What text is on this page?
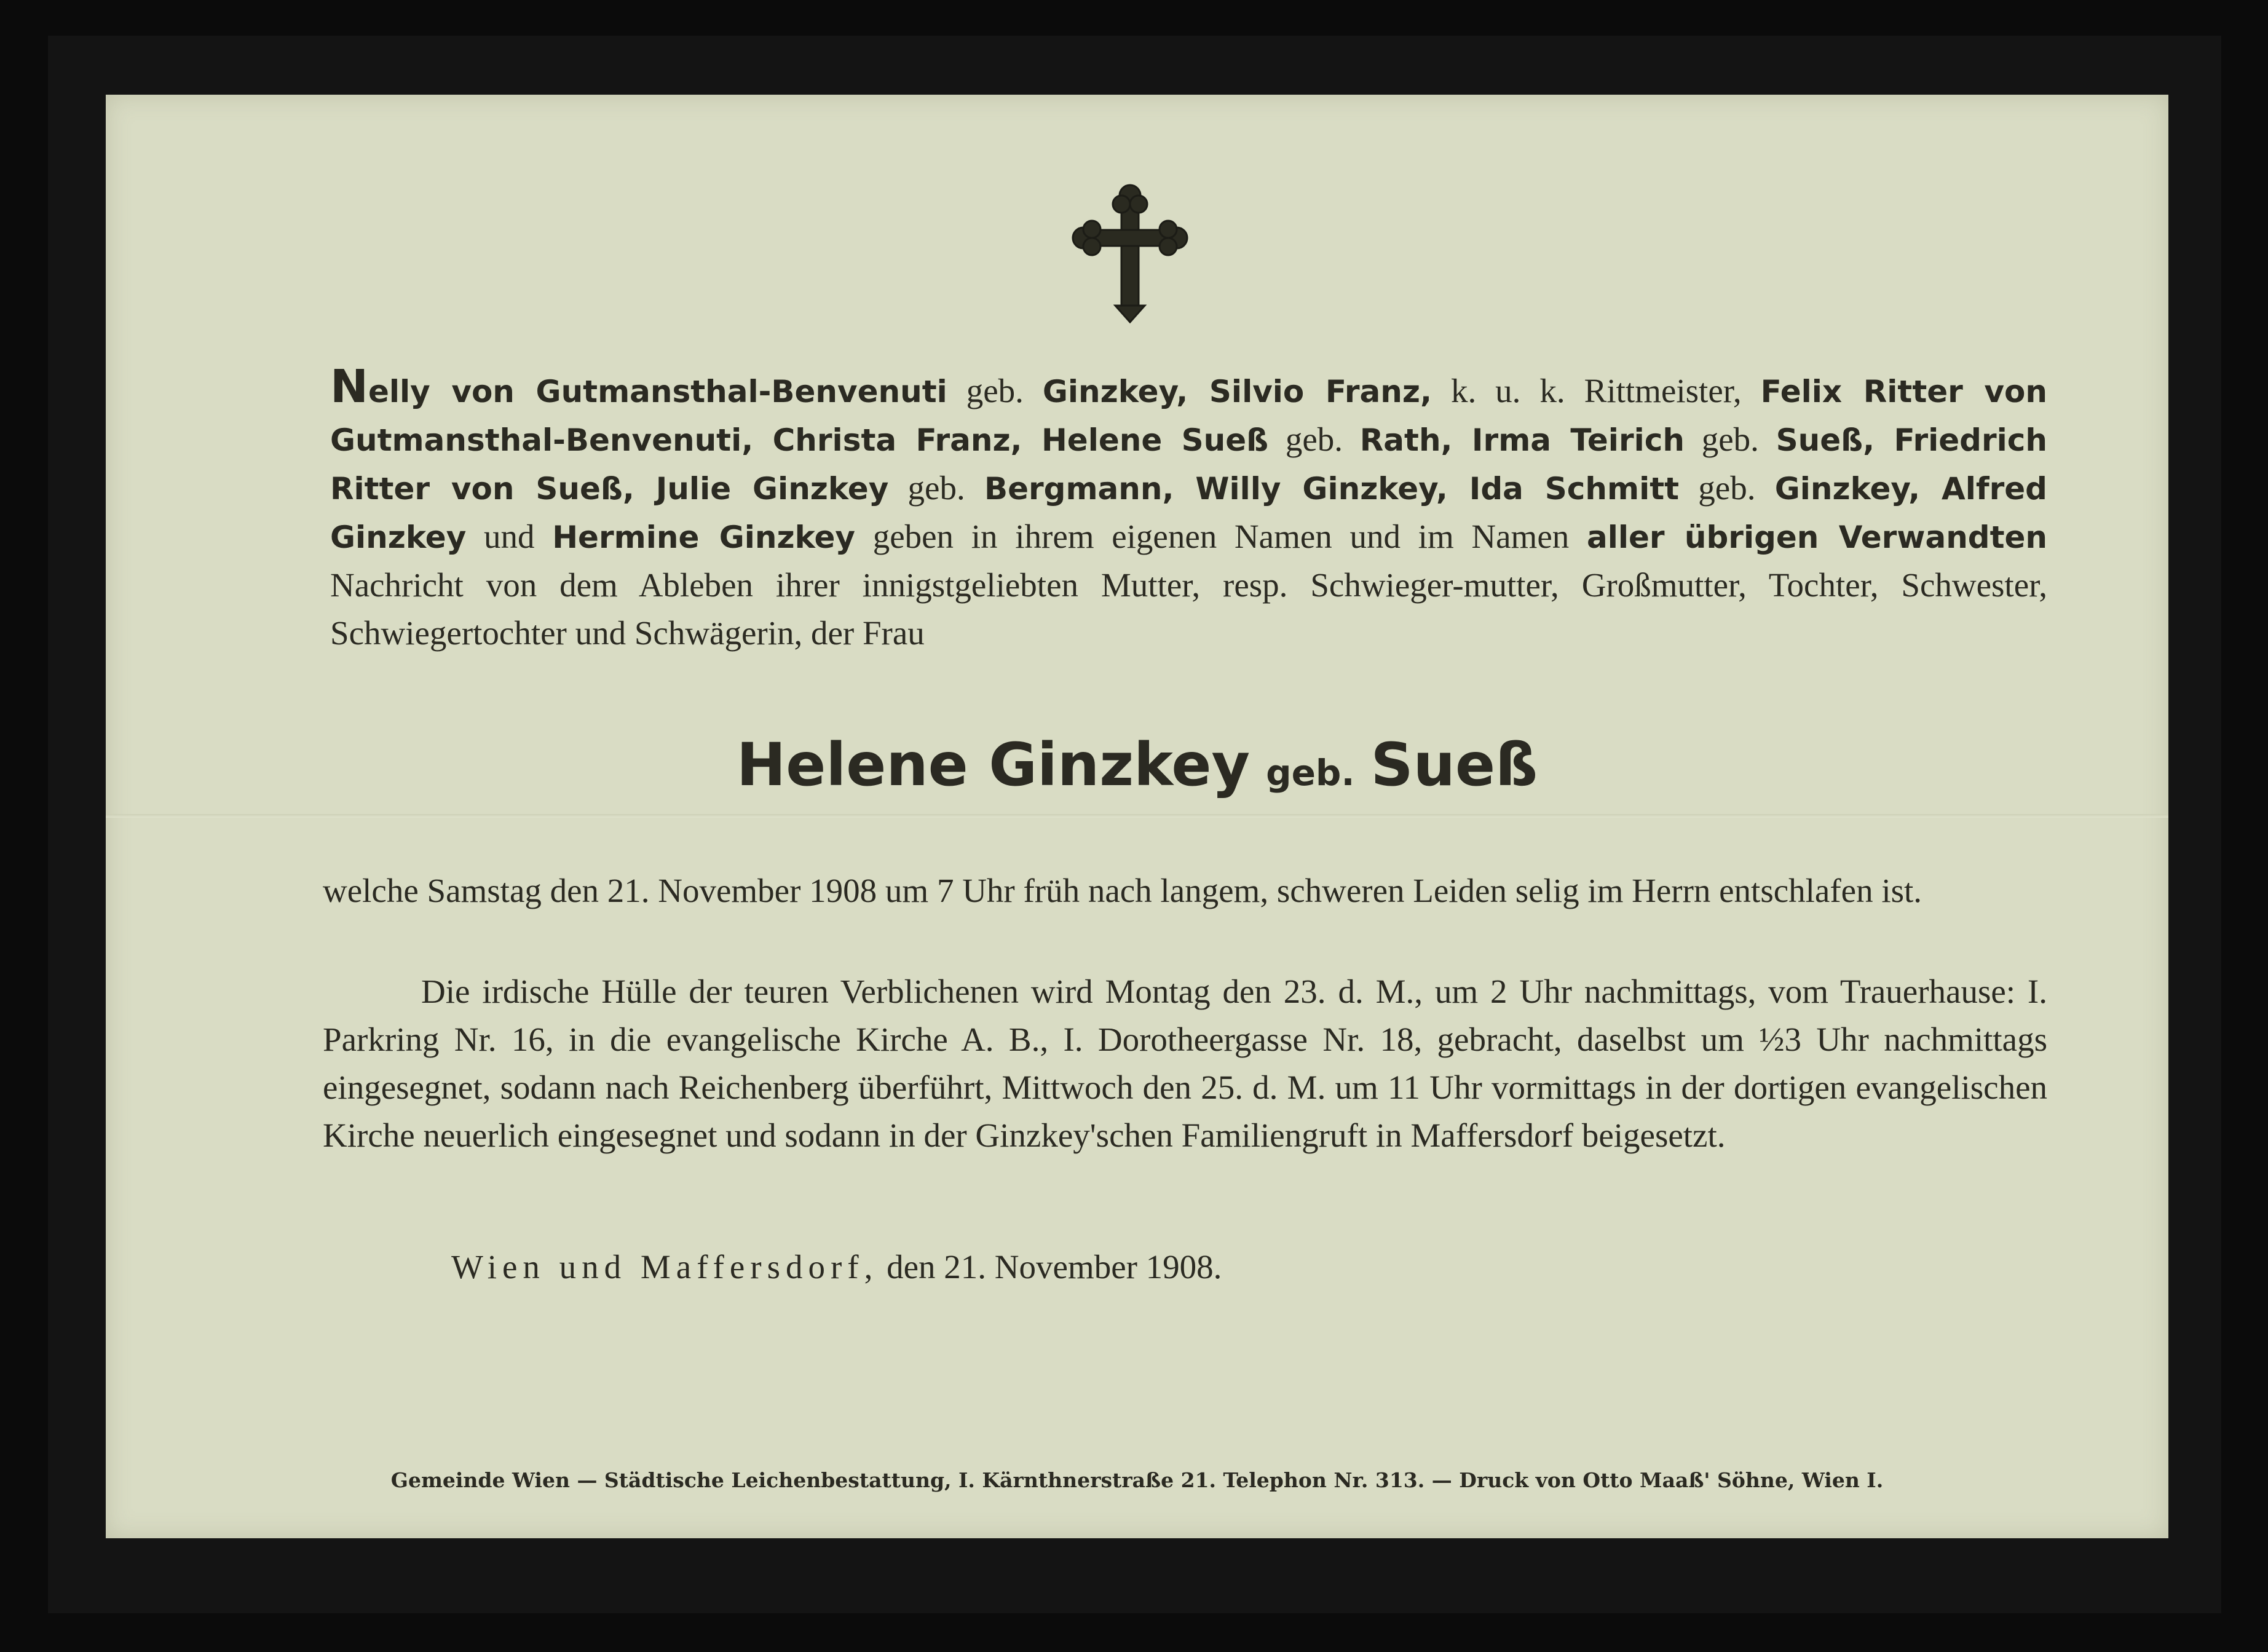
Nelly von Gutmansthal-Benvenuti geb. Ginzkey, Silvio Franz, k. u. k. Rittmeister, Felix Ritter von Gutmansthal-Benvenuti, Christa Franz, Helene Sueß geb. Rath, Irma Teirich geb. Sueß, Friedrich Ritter von Sueß, Julie Ginzkey geb. Bergmann, Willy Ginzkey, Ida Schmitt geb. Ginzkey, Alfred Ginzkey und Hermine Ginzkey geben in ihrem eigenen Namen und im Namen aller übrigen Verwandten Nachricht von dem Ableben ihrer innigstgeliebten Mutter, resp. Schwieger-mutter, Großmutter, Tochter, Schwester, Schwiegertochter und Schwägerin, der Frau
Helene Ginzkey geb. Sueß
welche Samstag den 21. November 1908 um 7 Uhr früh nach langem, schweren Leiden selig im Herrn entschlafen ist.
Die irdische Hülle der teuren Verblichenen wird Montag den 23. d. M., um 2 Uhr nachmittags, vom Trauerhause: I. Parkring Nr. 16, in die evangelische Kirche A. B., I. Dorotheergasse Nr. 18, gebracht, daselbst um ½3 Uhr nachmittags eingesegnet, sodann nach Reichenberg überführt, Mittwoch den 25. d. M. um 11 Uhr vormittags in der dortigen evangelischen Kirche neuerlich eingesegnet und sodann in der Ginzkey'schen Familiengruft in Maffersdorf beigesetzt.
Wien und Maffersdorf, den 21. November 1908.
Gemeinde Wien — Städtische Leichenbestattung, I. Kärnthnerstraße 21. Telephon Nr. 313. — Druck von Otto Maaß' Söhne, Wien I.
